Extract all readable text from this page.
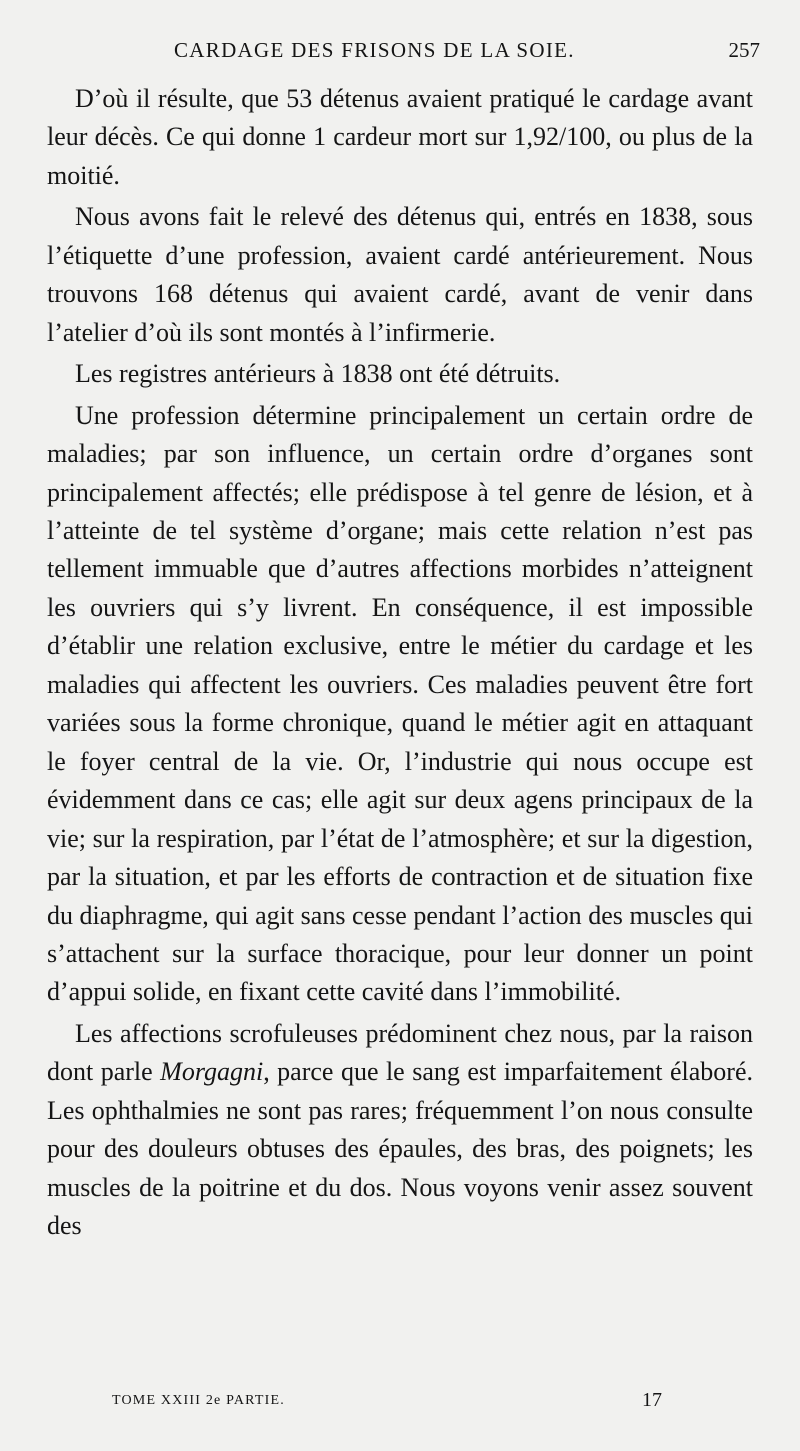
CARDAGE DES FRISONS DE LA SOIE.	257

D’où il résulte, que 53 détenus avaient pratiqué le cardage avant leur décès. Ce qui donne 1 cardeur mort sur 1,92/100, ou plus de la moitié.

Nous avons fait le relevé des détenus qui, entrés en 1838, sous l’étiquette d’une profession, avaient cardé antérieurement. Nous trouvons 168 détenus qui avaient cardé, avant de venir dans l’atelier d’où ils sont montés à l’infirmerie.

Les registres antérieurs à 1838 ont été détruits.

Une profession détermine principalement un certain ordre de maladies; par son influence, un certain ordre d’organes sont principalement affectés; elle prédispose à tel genre de lésion, et à l’atteinte de tel système d’organe; mais cette relation n’est pas tellement immuable que d’autres affections morbides n’atteignent les ouvriers qui s’y livrent. En conséquence, il est impossible d’établir une relation exclusive, entre le métier du cardage et les maladies qui affectent les ouvriers. Ces maladies peuvent être fort variées sous la forme chronique, quand le métier agit en attaquant le foyer central de la vie. Or, l’industrie qui nous occupe est évidemment dans ce cas; elle agit sur deux agens principaux de la vie; sur la respiration, par l’état de l’atmosphère; et sur la digestion, par la situation, et par les efforts de contraction et de situation fixe du diaphragme, qui agit sans cesse pendant l’action des muscles qui s’attachent sur la surface thoracique, pour leur donner un point d’appui solide, en fixant cette cavité dans l’immobilité.

Les affections scrofuleuses prédominent chez nous, par la raison dont parle Morgagni, parce que le sang est imparfaitement élaboré. Les ophthalmies ne sont pas rares; fréquemment l’on nous consulte pour des douleurs obtuses des épaules, des bras, des poignets; les muscles de la poitrine et du dos. Nous voyons venir assez souvent des

TOME XXIII 2e PARTIE.	17
